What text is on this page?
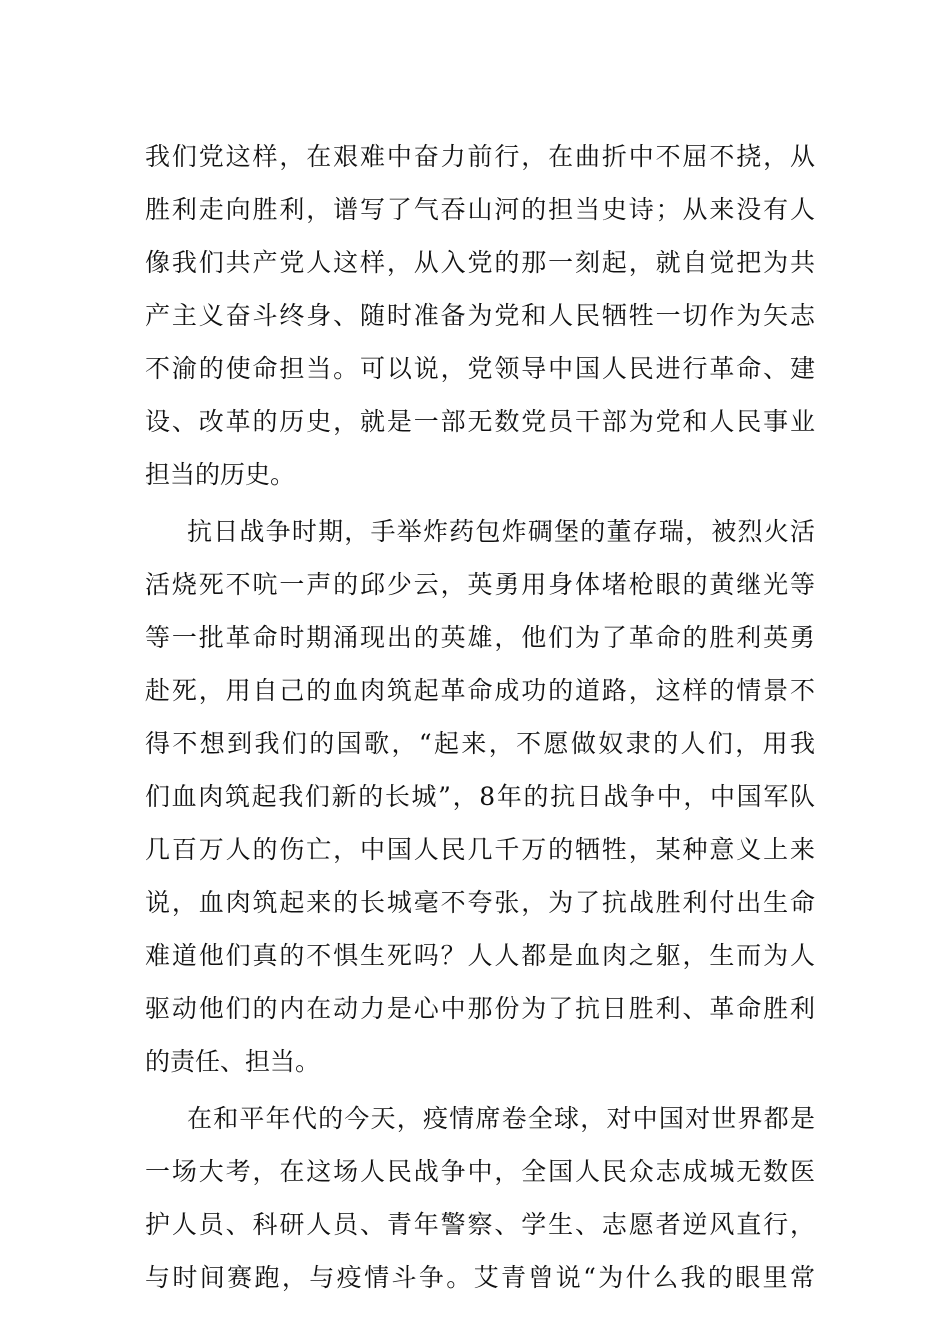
我们党这样，在艰难中奋力前行，在曲折中不屈不挠，从
胜利走向胜利，谱写了气吞山河的担当史诗；从来没有人
像我们共产党人这样，从入党的那一刻起，就自觉把为共
产主义奋斗终身、随时准备为党和人民牺牲一切作为矢志
不渝的使命担当。可以说，党领导中国人民进行革命、建
设、改革的历史，就是一部无数党员干部为党和人民事业
担当的历史。
抗日战争时期，手举炸药包炸碉堡的董存瑞，被烈火活
活烧死不吭一声的邱少云，英勇用身体堵枪眼的黄继光等
等一批革命时期涌现出的英雄，他们为了革命的胜利英勇
赴死，用自己的血肉筑起革命成功的道路，这样的情景不
得不想到我们的国歌，“起来，不愿做奴隶的人们，用我
们血肉筑起我们新的长城”，8年的抗日战争中，中国军队
几百万人的伤亡，中国人民几千万的牺牲，某种意义上来
说，血肉筑起来的长城毫不夸张，为了抗战胜利付出生命
难道他们真的不惧生死吗？人人都是血肉之躯，生而为人
驱动他们的内在动力是心中那份为了抗日胜利、革命胜利
的责任、担当。
在和平年代的今天，疫情席卷全球，对中国对世界都是
一场大考，在这场人民战争中，全国人民众志成城无数医
护人员、科研人员、青年警察、学生、志愿者逆风直行，
与时间赛跑，与疫情斗争。艾青曾说“为什么我的眼里常
